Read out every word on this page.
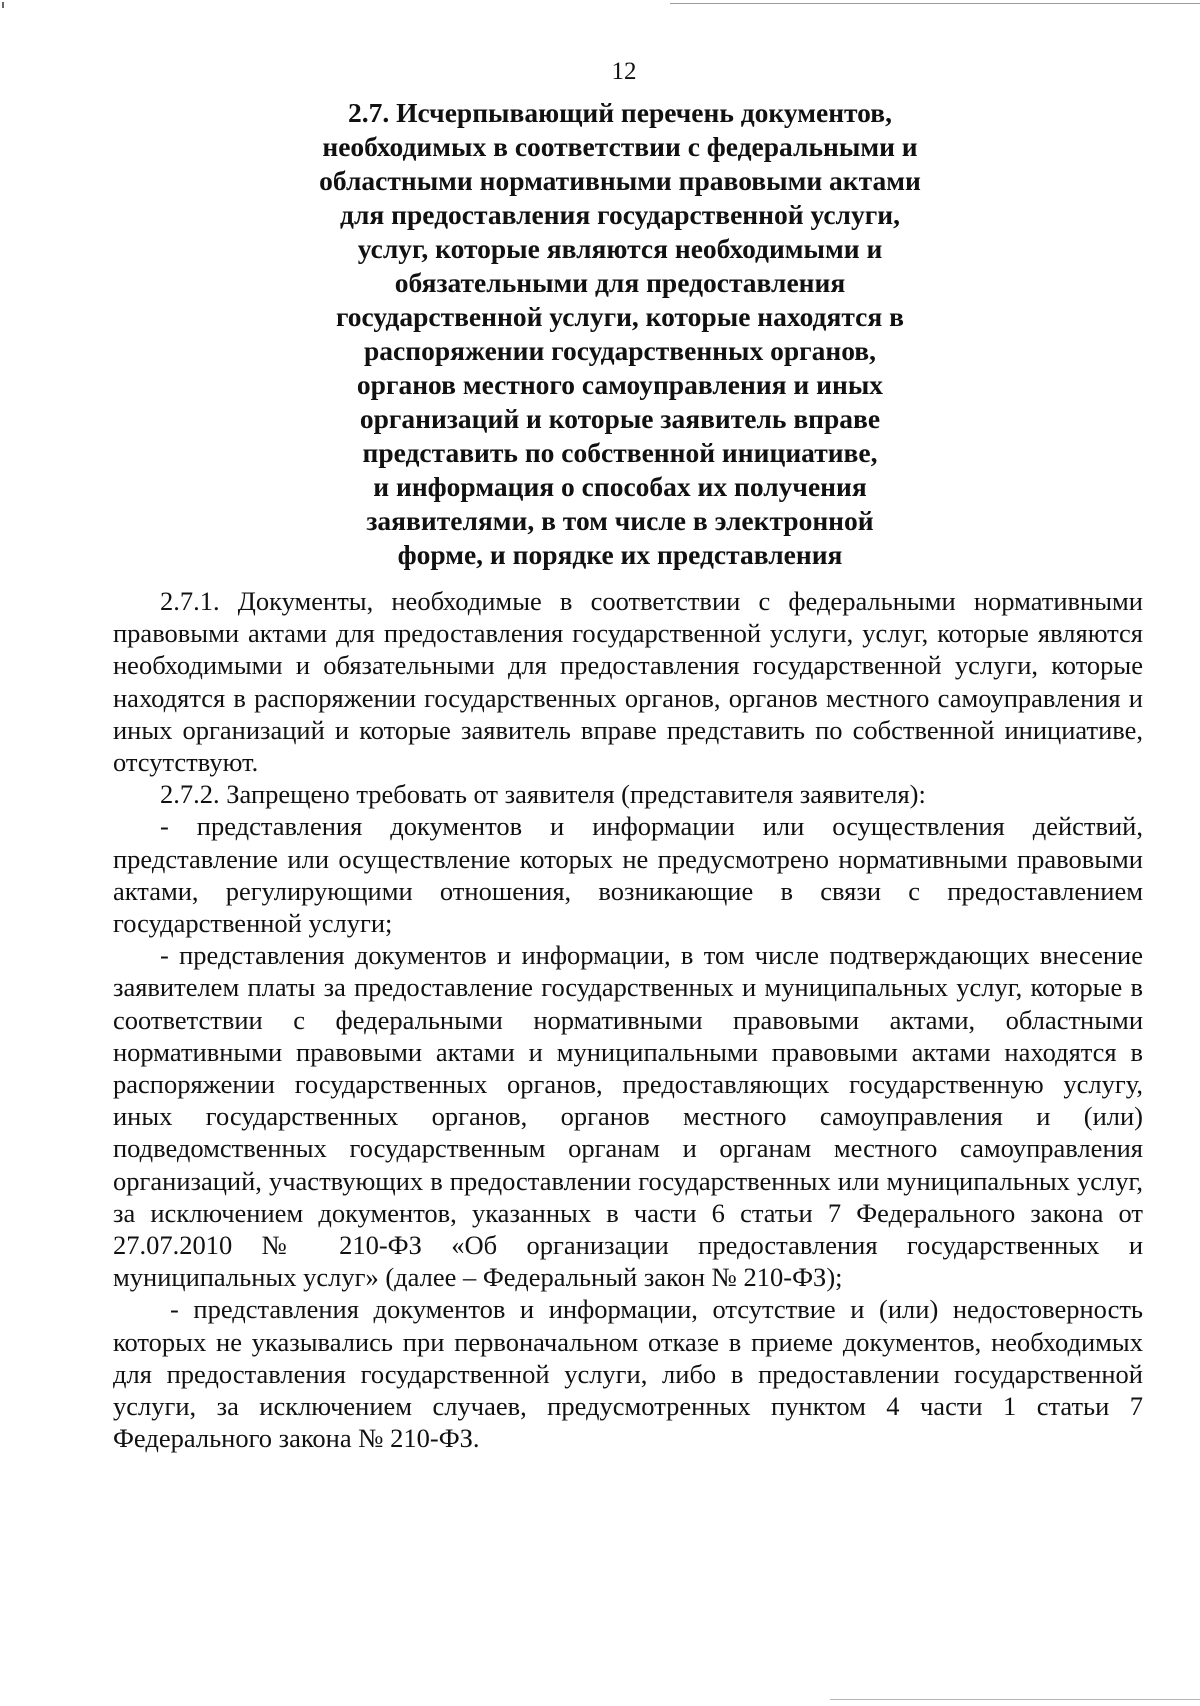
12
2.7. Исчерпывающий перечень документов,
необходимых в соответствии с федеральными и
областными нормативными правовыми актами
для предоставления государственной услуги,
услуг, которые являются необходимыми и
обязательными для предоставления
государственной услуги, которые находятся в
распоряжении государственных органов,
органов местного самоуправления и иных
организаций и которые заявитель вправе
представить по собственной инициативе,
и информация о способах их получения
заявителями, в том числе в электронной
форме, и порядке их представления

2.7.1. Документы, необходимые в соответствии с федеральными нормативными правовыми актами для предоставления государственной услуги, услуг, которые являются необходимыми и обязательными для предоставления государственной услуги, которые находятся в распоряжении государственных органов, органов местного самоуправления и иных организаций и которые заявитель вправе представить по собственной инициативе, отсутствуют.

2.7.2. Запрещено требовать от заявителя (представителя заявителя):

- представления документов и информации или осуществления действий, представление или осуществление которых не предусмотрено нормативными правовыми актами, регулирующими отношения, возникающие в связи с предоставлением государственной услуги;

- представления документов и информации, в том числе подтверждающих внесение заявителем платы за предоставление государственных и муниципальных услуг, которые в соответствии с федеральными нормативными правовыми актами, областными нормативными правовыми актами и муниципальными правовыми актами находятся в распоряжении государственных органов, предоставляющих государственную услугу, иных государственных органов, органов местного самоуправления и (или) подведомственных государственным органам и органам местного самоуправления организаций, участвующих в предоставлении государственных или муниципальных услуг, за исключением документов, указанных в части 6 статьи 7 Федерального закона от 27.07.2010 № 210-ФЗ «Об организации предоставления государственных и муниципальных услуг» (далее – Федеральный закон № 210-ФЗ);

- представления документов и информации, отсутствие и (или) недостоверность которых не указывались при первоначальном отказе в приеме документов, необходимых для предоставления государственной услуги, либо в предоставлении государственной услуги, за исключением случаев, предусмотренных пунктом 4 части 1 статьи 7 Федерального закона № 210-ФЗ.
